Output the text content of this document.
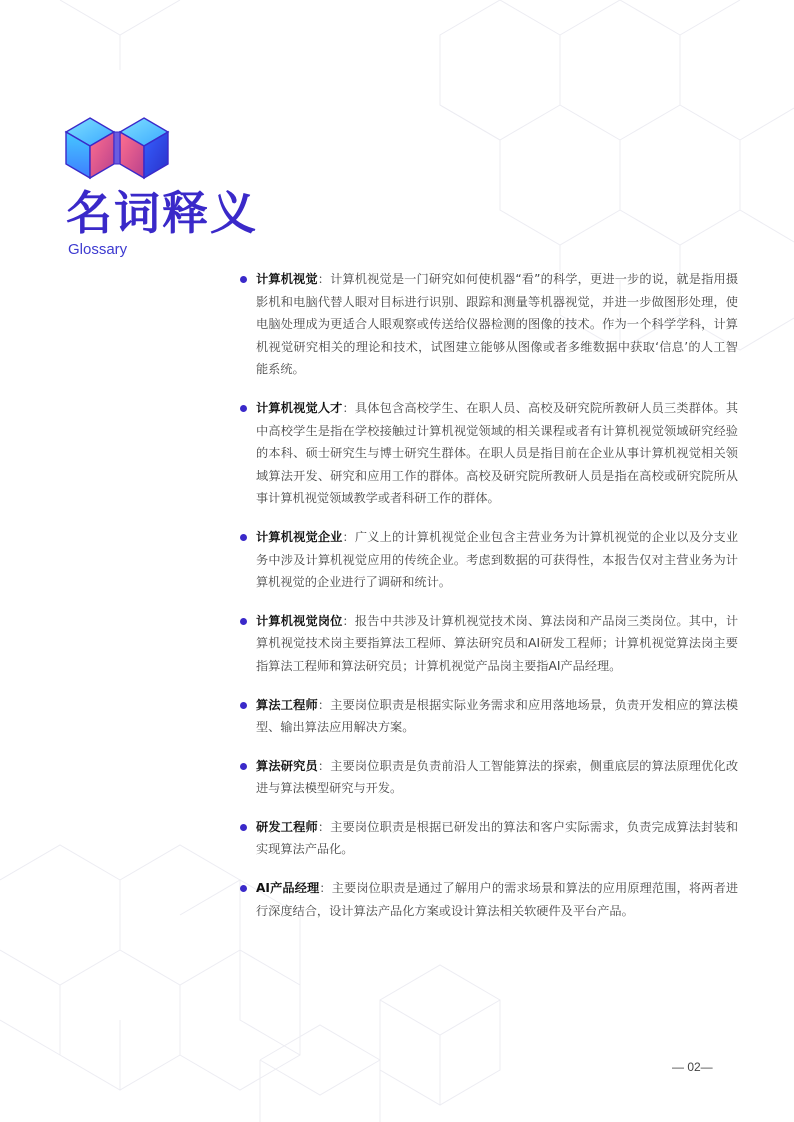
名词释义

Glossary

计算机视觉：计算机视觉是一门研究如何使机器“看”的科学，更进一步的说，就是指用摄影机和电脑代替人眼对目标进行识别、跟踪和测量等机器视觉，并进一步做图形处理，使电脑处理成为更适合人眼观察或传送给仪器检测的图像的技术。作为一个科学学科，计算机视觉研究相关的理论和技术，试图建立能够从图像或者多维数据中获取‘信息’的人工智能系统。
计算机视觉人才：具体包含高校学生、在职人员、高校及研究院所教研人员三类群体。其中高校学生是指在学校接触过计算机视觉领域的相关课程或者有计算机视觉领域研究经验的本科、硕士研究生与博士研究生群体。在职人员是指目前在企业从事计算机视觉相关领域算法开发、研究和应用工作的群体。高校及研究院所教研人员是指在高校或研究院所从事计算机视觉领域教学或者科研工作的群体。
计算机视觉企业：广义上的计算机视觉企业包含主营业务为计算机视觉的企业以及分支业务中涉及计算机视觉应用的传统企业。考虑到数据的可获得性，本报告仅对主营业务为计算机视觉的企业进行了调研和统计。
计算机视觉岗位：报告中共涉及计算机视觉技术岗、算法岗和产品岗三类岗位。其中，计算机视觉技术岗主要指算法工程师、算法研究员和AI研发工程师；计算机视觉算法岗主要指算法工程师和算法研究员；计算机视觉产品岗主要指AI产品经理。
算法工程师：主要岗位职责是根据实际业务需求和应用落地场景，负责开发相应的算法模型、输出算法应用解决方案。
算法研究员：主要岗位职责是负责前沿人工智能算法的探索，侧重底层的算法原理优化改进与算法模型研究与开发。
研发工程师：主要岗位职责是根据已研发出的算法和客户实际需求，负责完成算法封装和实现算法产品化。
AI产品经理：主要岗位职责是通过了解用户的需求场景和算法的应用原理范围，将两者进行深度结合，设计算法产品化方案或设计算法相关软硬件及平台产品。
— 02—
